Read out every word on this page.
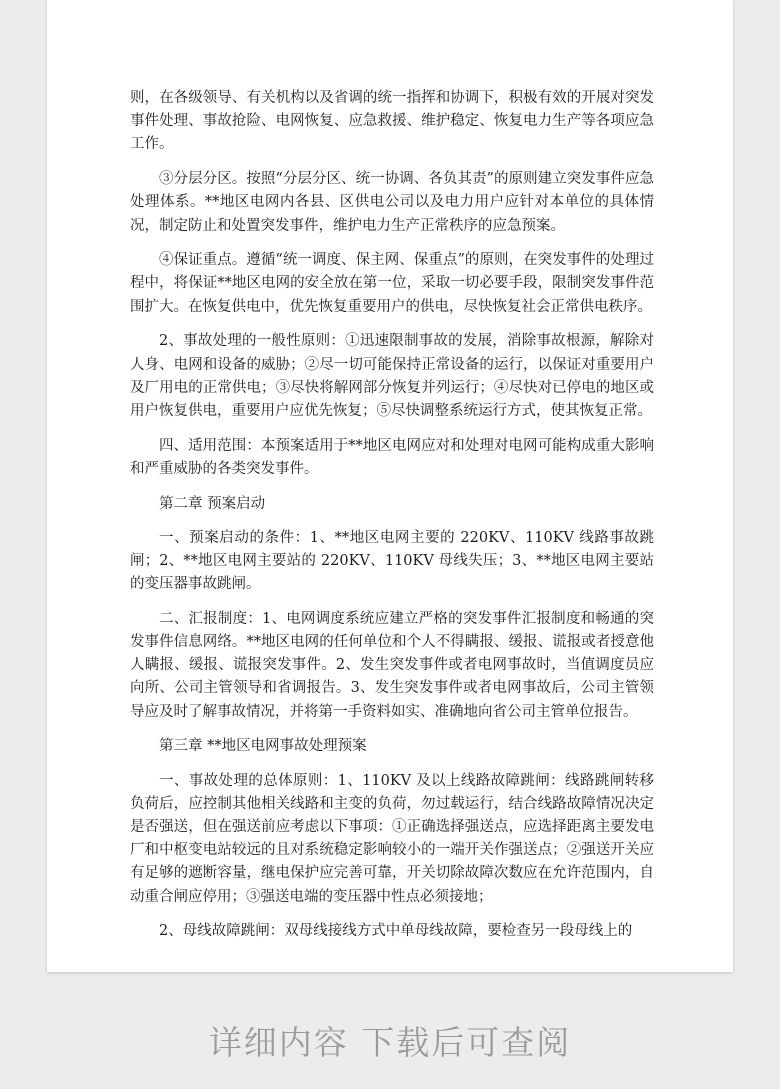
则，在各级领导、有关机构以及省调的统一指挥和协调下，积极有效的开展对突发事件处理、事故抢险、电网恢复、应急救援、维护稳定、恢复电力生产等各项应急工作。

③分层分区。按照“分层分区、统一协调、各负其责”的原则建立突发事件应急处理体系。**地区电网内各县、区供电公司以及电力用户应针对本单位的具体情况，制定防止和处置突发事件，维护电力生产正常秩序的应急预案。

④保证重点。遵循“统一调度、保主网、保重点”的原则，在突发事件的处理过程中，将保证**地区电网的安全放在第一位，采取一切必要手段，限制突发事件范围扩大。在恢复供电中，优先恢复重要用户的供电，尽快恢复社会正常供电秩序。

2、事故处理的一般性原则：①迅速限制事故的发展，消除事故根源，解除对人身、电网和设备的威胁；②尽一切可能保持正常设备的运行，以保证对重要用户及厂用电的正常供电；③尽快将解网部分恢复并列运行；④尽快对已停电的地区或用户恢复供电，重要用户应优先恢复；⑤尽快调整系统运行方式，使其恢复正常。

四、适用范围：本预案适用于**地区电网应对和处理对电网可能构成重大影响和严重威胁的各类突发事件。

第二章 预案启动

一、预案启动的条件：1、**地区电网主要的 220KV、110KV 线路事故跳闸；2、**地区电网主要站的 220KV、110KV 母线失压；3、**地区电网主要站的变压器事故跳闸。

二、汇报制度：1、电网调度系统应建立严格的突发事件汇报制度和畅通的突发事件信息网络。**地区电网的任何单位和个人不得瞒报、缓报、谎报或者授意他人瞒报、缓报、谎报突发事件。2、发生突发事件或者电网事故时，当值调度员应向所、公司主管领导和省调报告。3、发生突发事件或者电网事故后，公司主管领导应及时了解事故情况，并将第一手资料如实、准确地向省公司主管单位报告。

第三章 **地区电网事故处理预案

一、事故处理的总体原则：1、110KV 及以上线路故障跳闸：线路跳闸转移负荷后，应控制其他相关线路和主变的负荷，勿过载运行，结合线路故障情况决定是否强送，但在强送前应考虑以下事项：①正确选择强送点，应选择距离主要发电厂和中枢变电站较远的且对系统稳定影响较小的一端开关作强送点；②强送开关应有足够的遮断容量，继电保护应完善可靠，开关切除故障次数应在允许范围内，自动重合闸应停用；③强送电端的变压器中性点必须接地；

2、母线故障跳闸：双母线接线方式中单母线故障，要检查另一段母线上的

详细内容 下载后可查阅
